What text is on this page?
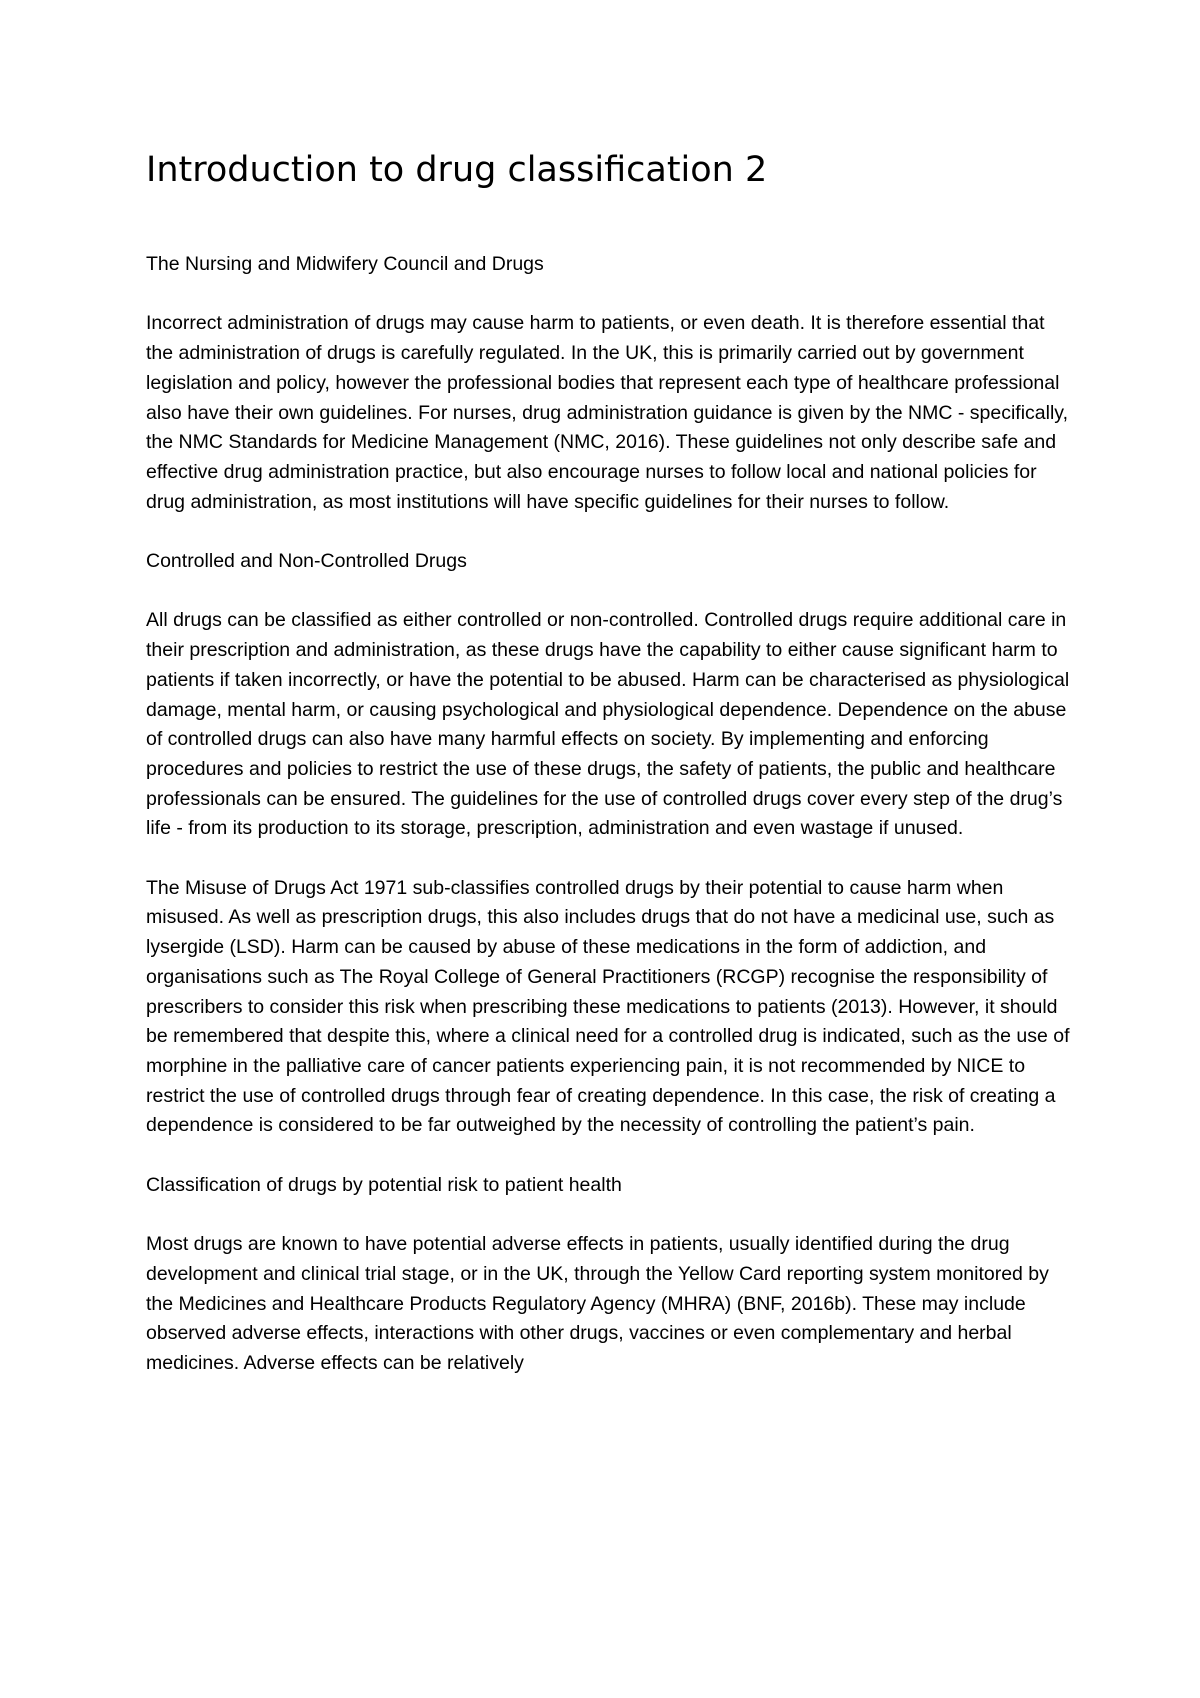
Introduction to drug classification 2

The Nursing and Midwifery Council and Drugs

Incorrect administration of drugs may cause harm to patients, or even death. It is therefore essential that the administration of drugs is carefully regulated. In the UK, this is primarily carried out by government legislation and policy, however the professional bodies that represent each type of healthcare professional also have their own guidelines. For nurses, drug administration guidance is given by the NMC - specifically, the NMC Standards for Medicine Management (NMC, 2016). These guidelines not only describe safe and effective drug administration practice, but also encourage nurses to follow local and national policies for drug administration, as most institutions will have specific guidelines for their nurses to follow.

Controlled and Non-Controlled Drugs

All drugs can be classified as either controlled or non-controlled. Controlled drugs require additional care in their prescription and administration, as these drugs have the capability to either cause significant harm to patients if taken incorrectly, or have the potential to be abused. Harm can be characterised as physiological damage, mental harm, or causing psychological and physiological dependence. Dependence on the abuse of controlled drugs can also have many harmful effects on society. By implementing and enforcing procedures and policies to restrict the use of these drugs, the safety of patients, the public and healthcare professionals can be ensured. The guidelines for the use of controlled drugs cover every step of the drug’s life - from its production to its storage, prescription, administration and even wastage if unused.

The Misuse of Drugs Act 1971 sub-classifies controlled drugs by their potential to cause harm when misused. As well as prescription drugs, this also includes drugs that do not have a medicinal use, such as lysergide (LSD). Harm can be caused by abuse of these medications in the form of addiction, and organisations such as The Royal College of General Practitioners (RCGP) recognise the responsibility of prescribers to consider this risk when prescribing these medications to patients (2013). However, it should be remembered that despite this, where a clinical need for a controlled drug is indicated, such as the use of morphine in the palliative care of cancer patients experiencing pain, it is not recommended by NICE to restrict the use of controlled drugs through fear of creating dependence. In this case, the risk of creating a dependence is considered to be far outweighed by the necessity of controlling the patient’s pain.

Classification of drugs by potential risk to patient health

Most drugs are known to have potential adverse effects in patients, usually identified during the drug development and clinical trial stage, or in the UK, through the Yellow Card reporting system monitored by the Medicines and Healthcare Products Regulatory Agency (MHRA) (BNF, 2016b). These may include observed adverse effects, interactions with other drugs, vaccines or even complementary and herbal medicines. Adverse effects can be relatively
